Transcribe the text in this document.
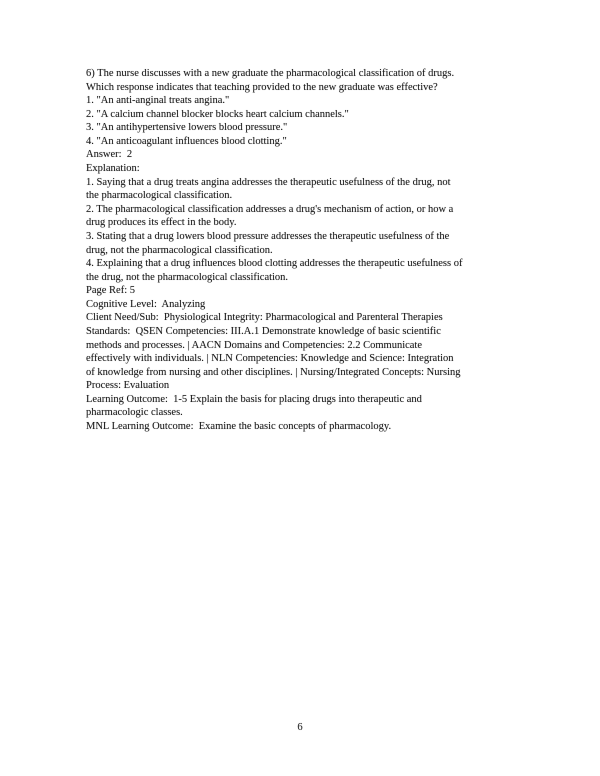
6) The nurse discusses with a new graduate the pharmacological classification of drugs.
Which response indicates that teaching provided to the new graduate was effective?
1. "An anti-anginal treats angina."
2. "A calcium channel blocker blocks heart calcium channels."
3. "An antihypertensive lowers blood pressure."
4. "An anticoagulant influences blood clotting."
Answer:  2
Explanation:
1. Saying that a drug treats angina addresses the therapeutic usefulness of the drug, not
the pharmacological classification.
2. The pharmacological classification addresses a drug's mechanism of action, or how a
drug produces its effect in the body.
3. Stating that a drug lowers blood pressure addresses the therapeutic usefulness of the
drug, not the pharmacological classification.
4. Explaining that a drug influences blood clotting addresses the therapeutic usefulness of
the drug, not the pharmacological classification.
Page Ref: 5
Cognitive Level:  Analyzing
Client Need/Sub:  Physiological Integrity: Pharmacological and Parenteral Therapies
Standards:  QSEN Competencies: III.A.1 Demonstrate knowledge of basic scientific
methods and processes. | AACN Domains and Competencies: 2.2 Communicate
effectively with individuals. | NLN Competencies: Knowledge and Science: Integration
of knowledge from nursing and other disciplines. | Nursing/Integrated Concepts: Nursing
Process: Evaluation
Learning Outcome:  1-5 Explain the basis for placing drugs into therapeutic and
pharmacologic classes.
MNL Learning Outcome:  Examine the basic concepts of pharmacology.
6
